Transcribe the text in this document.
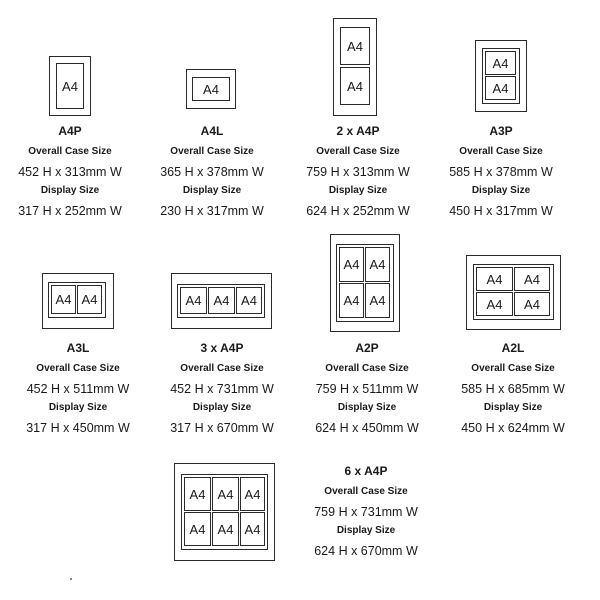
A4
A4P
Overall Case Size
452 H x 313mm W
Display Size
317 H x 252mm W
A4
A4L
Overall Case Size
365 H x 378mm W
Display Size
230 H x 317mm W
A4
A4
2 x A4P
Overall Case Size
759 H x 313mm W
Display Size
624 H x 252mm W
A4
A4
A3P
Overall Case Size
585 H x 378mm W
Display Size
450 H x 317mm W
A4 A4
A3L
Overall Case Size
452 H x 511mm W
Display Size
317 H x 450mm W
A4 A4 A4
3 x A4P
Overall Case Size
452 H x 731mm W
Display Size
317 H x 670mm W
A4 A4
A4 A4
A2P
Overall Case Size
759 H x 511mm W
Display Size
624 H x 450mm W
A4 A4
A4 A4
A2L
Overall Case Size
585 H x 685mm W
Display Size
450 H x 624mm W
A4 A4 A4
A4 A4 A4
6 x A4P
Overall Case Size
759 H x 731mm W
Display Size
624 H x 670mm W
